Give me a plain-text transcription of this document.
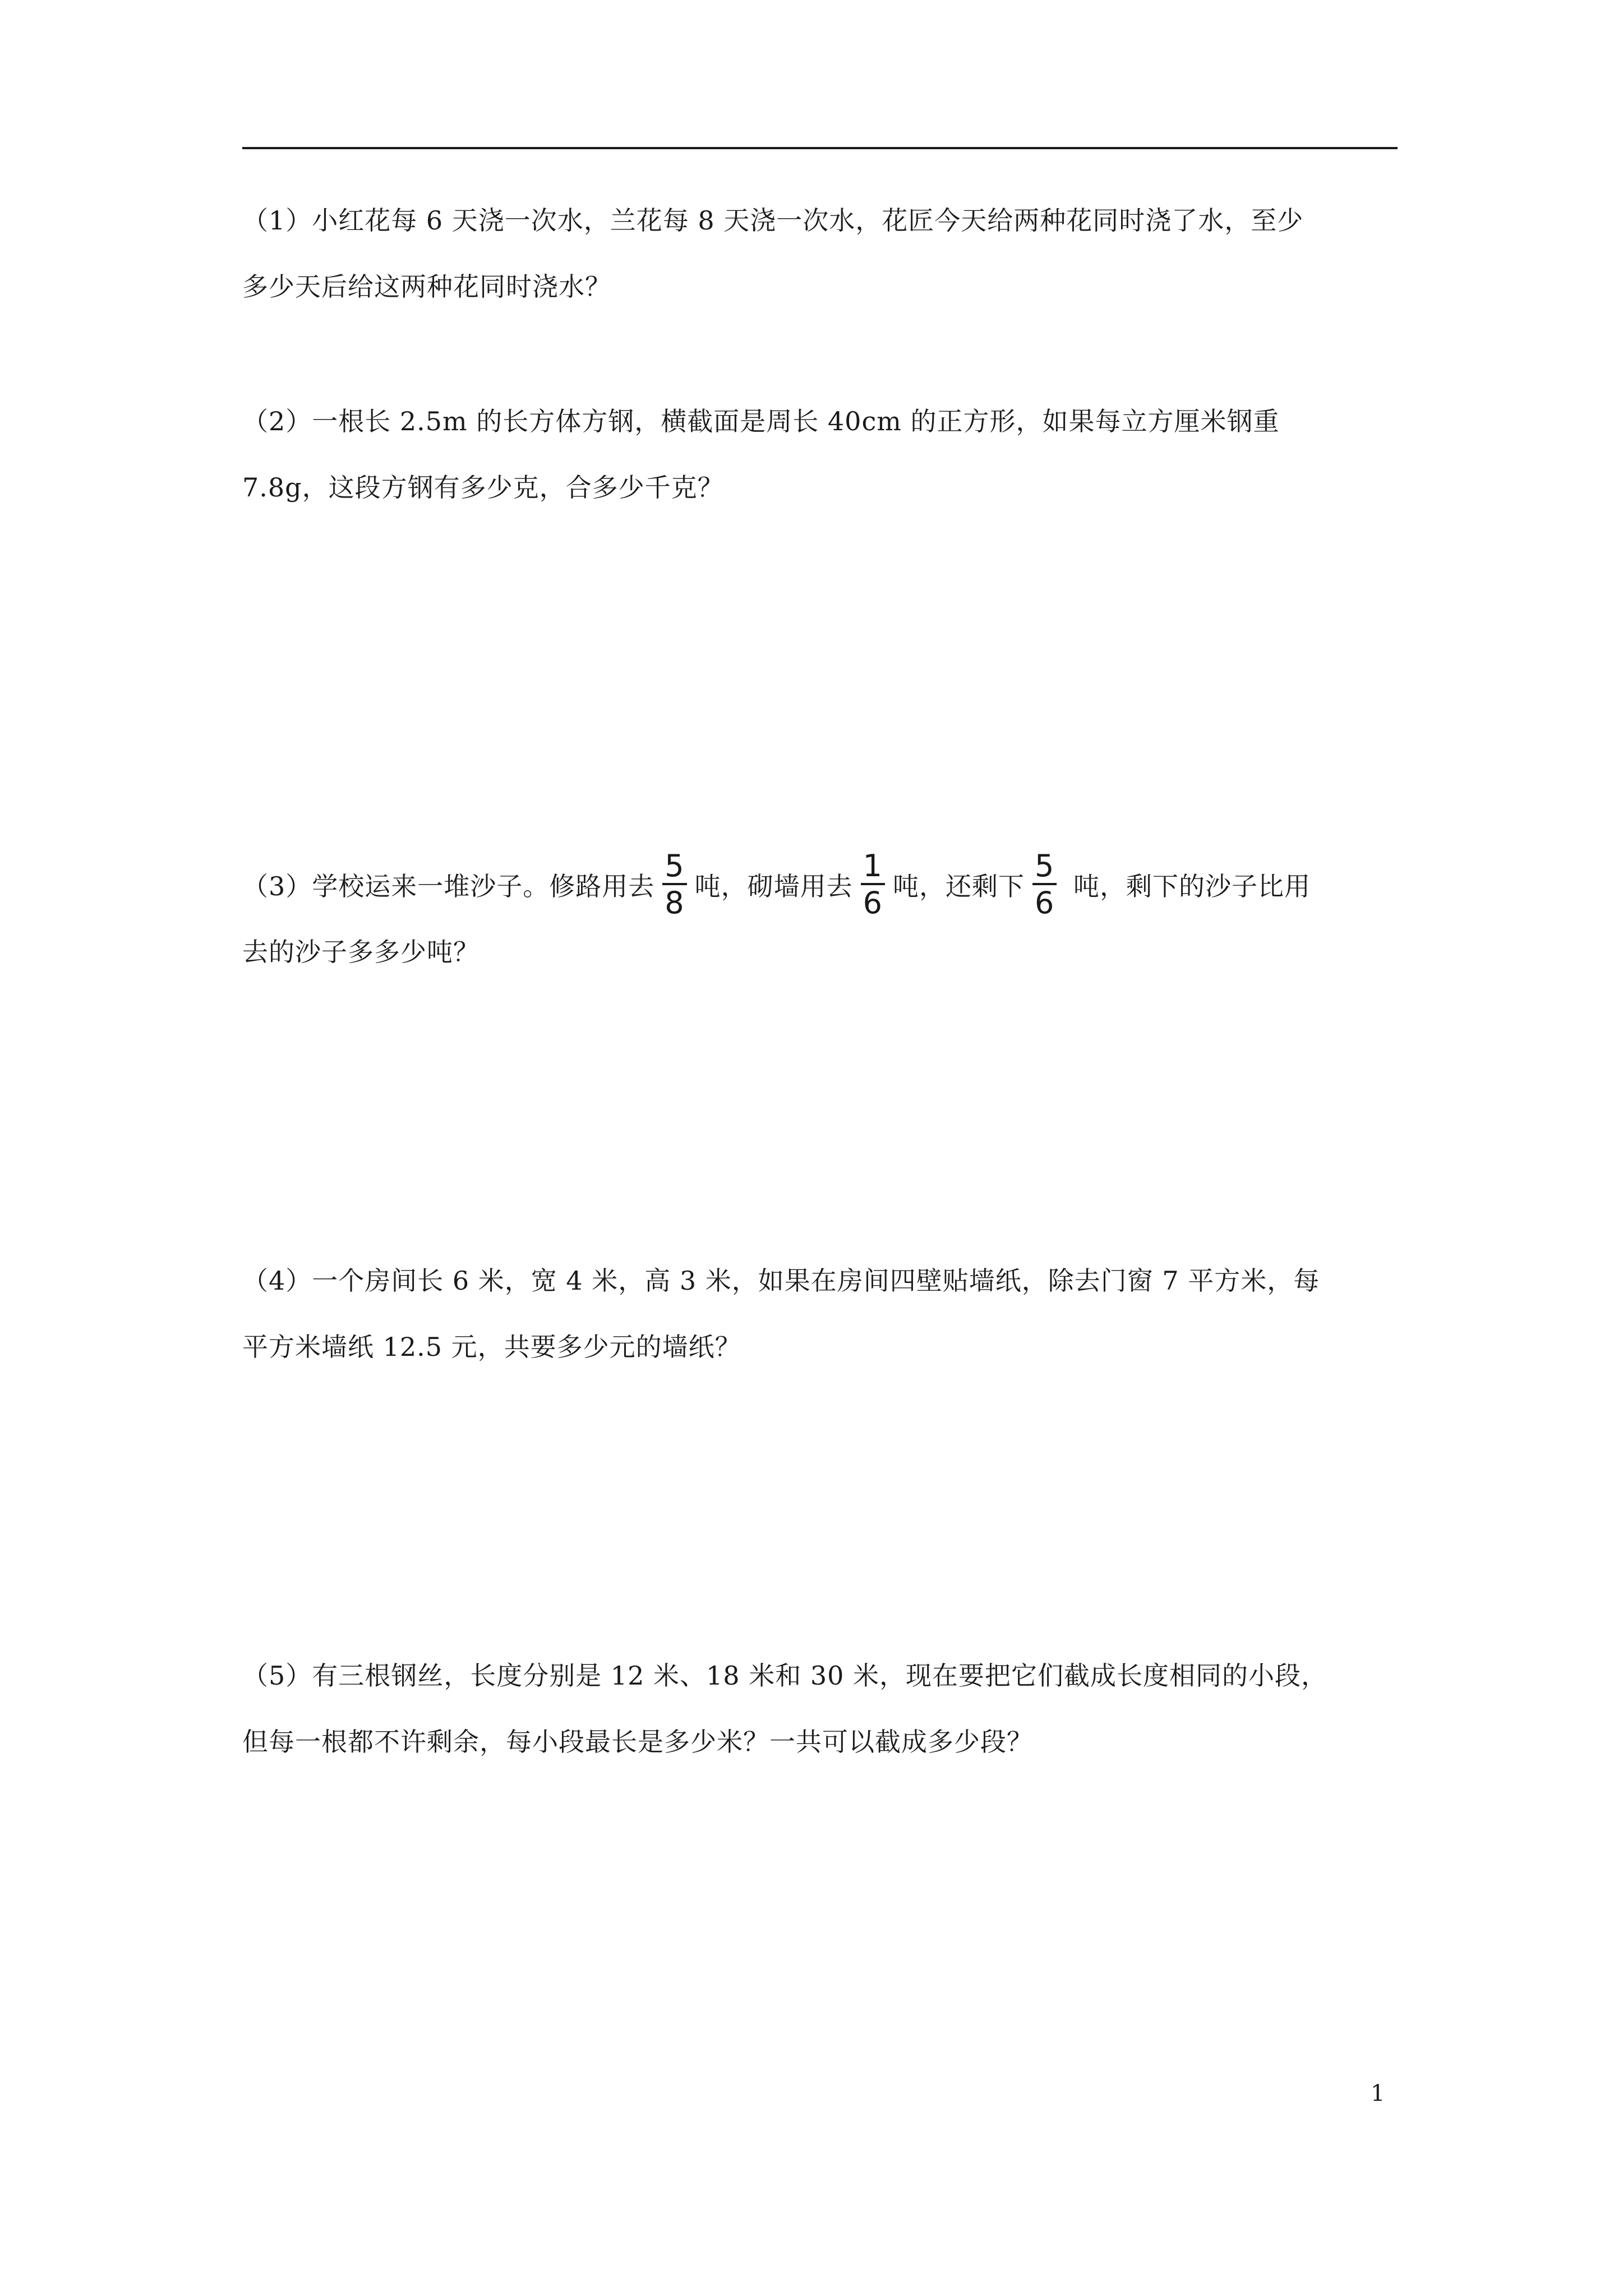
（1）小红花每 6 天浇一次水，兰花每 8 天浇一次水，花匠今天给两种花同时浇了水，至少
多少天后给这两种花同时浇水？
（2）一根长 2.5m 的长方体方钢，横截面是周长 40cm 的正方形，如果每立方厘米钢重
7.8g，这段方钢有多少克，合多少千克？
（3）学校运来一堆沙子。修路用去 $\frac{5}{8}$ 吨，砌墙用去 $\frac{1}{6}$ 吨，还剩下 $\frac{5}{6}$ 吨，剩下的沙子比用
去的沙子多多少吨？
（4）一个房间长 6 米，宽 4 米，高 3 米，如果在房间四壁贴墙纸，除去门窗 7 平方米，每
平方米墙纸 12.5 元，共要多少元的墙纸？
（5）有三根钢丝，长度分别是 12 米、18 米和 30 米，现在要把它们截成长度相同的小段，
但每一根都不许剩余，每小段最长是多少米？一共可以截成多少段？
1
